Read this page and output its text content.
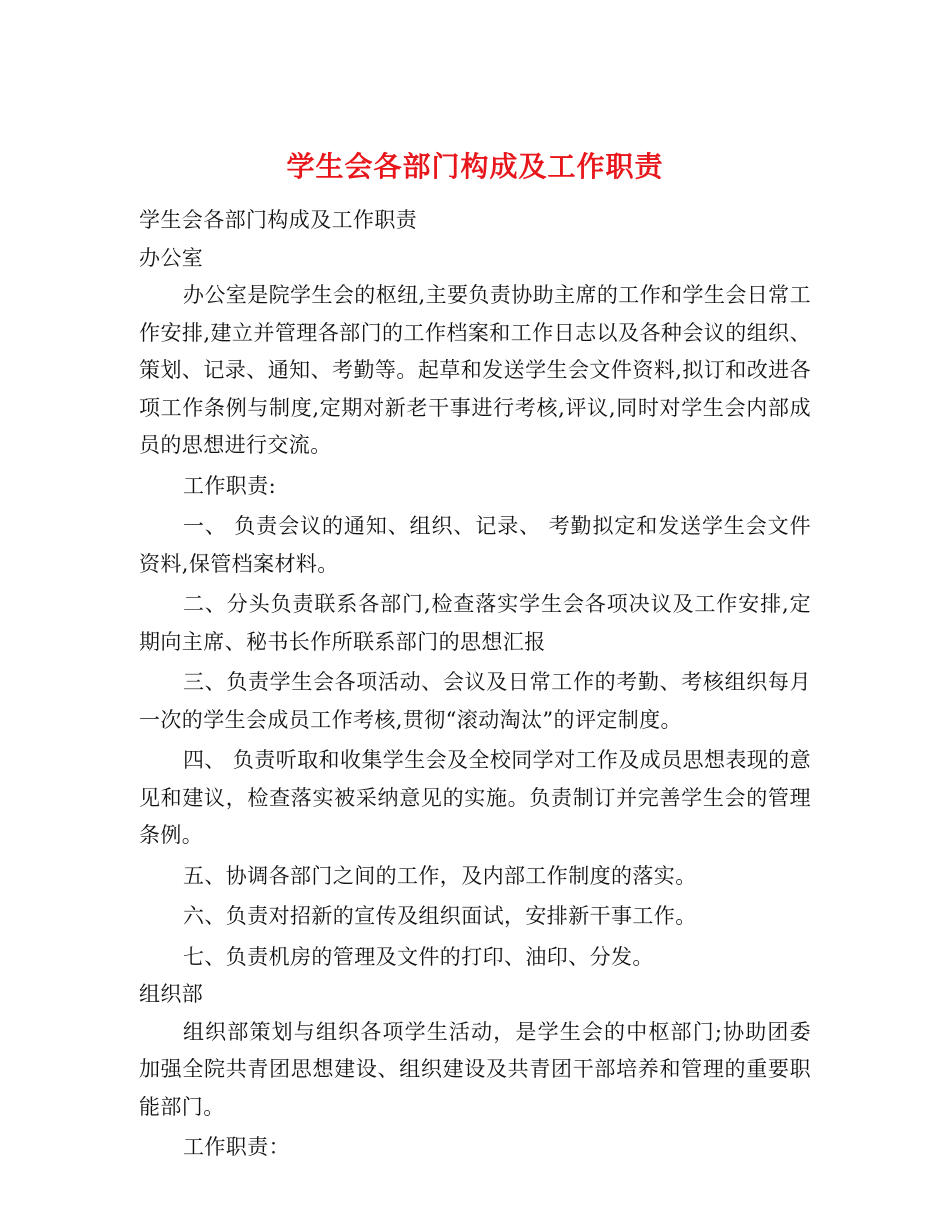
学生会各部门构成及工作职责

学生会各部门构成及工作职责

办公室

办公室是院学生会的枢纽,主要负责协助主席的工作和学生会日常工作安排,建立并管理各部门的工作档案和工作日志以及各种会议的组织、策划、记录、通知、考勤等。起草和发送学生会文件资料,拟订和改进各项工作条例与制度,定期对新老干事进行考核,评议,同时对学生会内部成员的思想进行交流。

工作职责:

一、 负责会议的通知、组织、记录、 考勤拟定和发送学生会文件资料,保管档案材料。

二、分头负责联系各部门,检查落实学生会各项决议及工作安排,定期向主席、秘书长作所联系部门的思想汇报

三、负责学生会各项活动、会议及日常工作的考勤、考核组织每月一次的学生会成员工作考核,贯彻“滚动淘汰”的评定制度。

四、 负责听取和收集学生会及全校同学对工作及成员思想表现的意见和建议，检查落实被采纳意见的实施。负责制订并完善学生会的管理条例。

五、协调各部门之间的工作，及内部工作制度的落实。

六、负责对招新的宣传及组织面试，安排新干事工作。

七、负责机房的管理及文件的打印、油印、分发。

组织部

组织部策划与组织各项学生活动，是学生会的中枢部门;协助团委加强全院共青团思想建设、组织建设及共青团干部培养和管理的重要职能部门。

工作职责：
